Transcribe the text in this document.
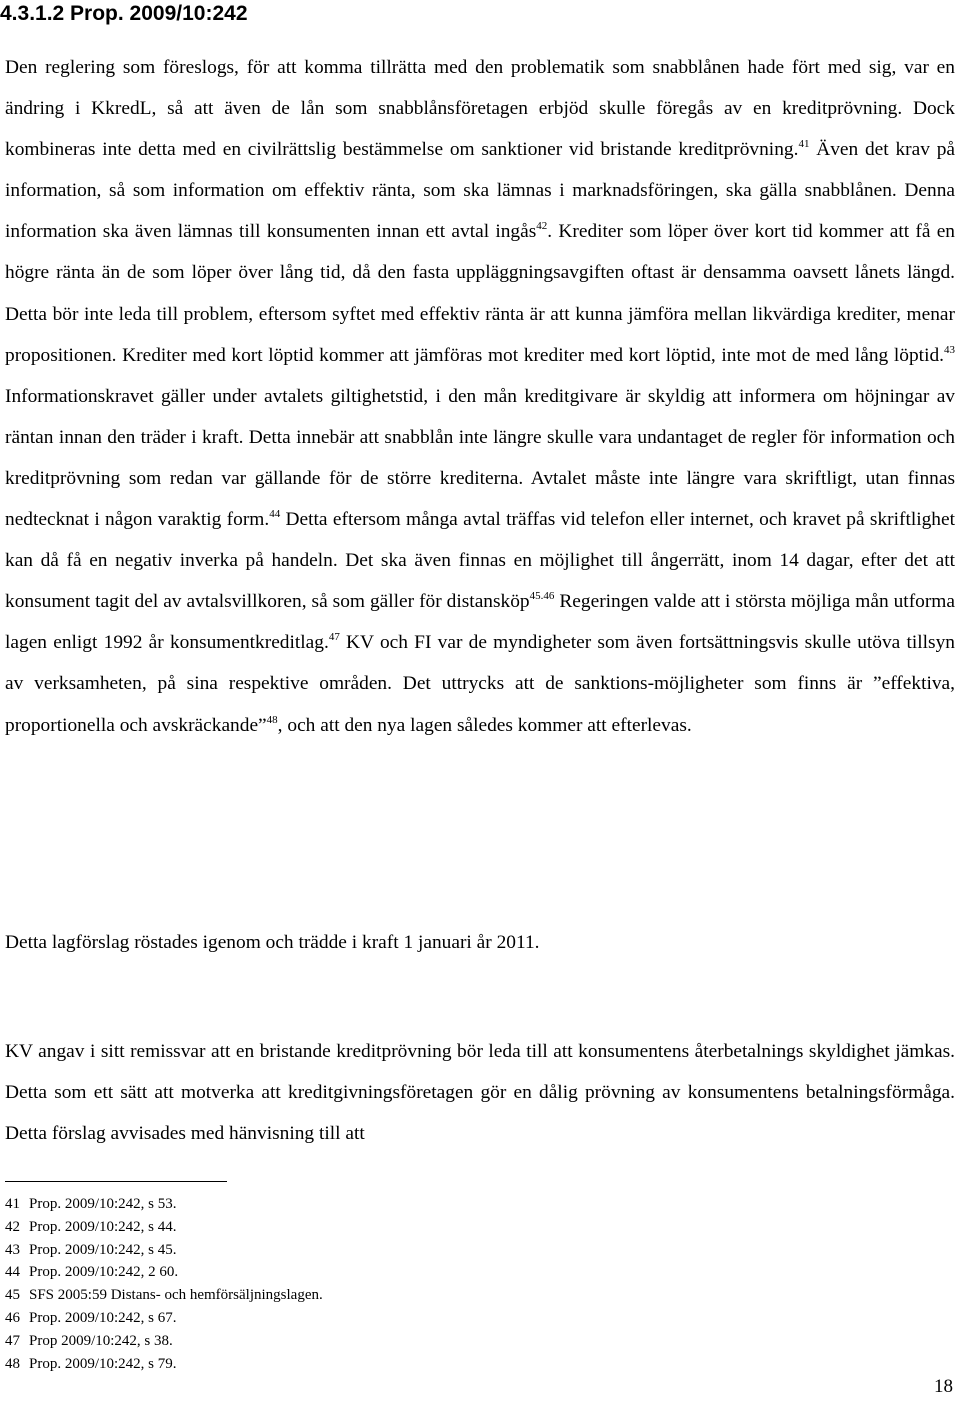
4.3.1.2 Prop. 2009/10:242
Den reglering som föreslogs, för att komma tillrätta med den problematik som snabblånen hade fört med sig, var en ändring i KkredL, så att även de lån som snabblånsföretagen erbjöd skulle föregås av en kreditprövning. Dock kombineras inte detta med en civilrättslig bestämmelse om sanktioner vid bristande kreditprövning.$^{41}$ Även det krav på information, så som information om effektiv ränta, som ska lämnas i marknadsföringen, ska gälla snabblånen. Denna information ska även lämnas till konsumenten innan ett avtal ingås$^{42}$. Krediter som löper över kort tid kommer att få en högre ränta än de som löper över lång tid, då den fasta uppläggningsavgiften oftast är densamma oavsett lånets längd. Detta bör inte leda till problem, eftersom syftet med effektiv ränta är att kunna jämföra mellan likvärdiga krediter, menar propositionen. Krediter med kort löptid kommer att jämföras mot krediter med kort löptid, inte mot de med lång löptid.$^{43}$ Informationskravet gäller under avtalets giltighetstid, i den mån kreditgivare är skyldig att informera om höjningar av räntan innan den träder i kraft. Detta innebär att snabblån inte längre skulle vara undantaget de regler för information och kreditprövning som redan var gällande för de större krediterna. Avtalet måste inte längre vara skriftligt, utan finnas nedtecknat i någon varaktig form.$^{44}$ Detta eftersom många avtal träffas vid telefon eller internet, och kravet på skriftlighet kan då få en negativ inverka på handeln. Det ska även finnas en möjlighet till ångerrätt, inom 14 dagar, efter det att konsument tagit del av avtalsvillkoren, så som gäller för distansköp$^{45.46}$ Regeringen valde att i största möjliga mån utforma lagen enligt 1992 år konsumentkreditlag.$^{47}$ KV och FI var de myndigheter som även fortsättningsvis skulle utöva tillsyn av verksamheten, på sina respektive områden. Det uttrycks att de sanktions-möjligheter som finns är ”effektiva, proportionella och avskräckande”$^{48}$, och att den nya lagen således kommer att efterlevas.
Detta lagförslag röstades igenom och trädde i kraft 1 januari år 2011.
KV angav i sitt remissvar att en bristande kreditprövning bör leda till att konsumentens återbetalnings skyldighet jämkas. Detta som ett sätt att motverka att kreditgivningsföretagen gör en dålig prövning av konsumentens betalningsförmåga. Detta förslag avvisades med hänvisning till att
41 Prop. 2009/10:242, s 53.
42 Prop. 2009/10:242, s 44.
43 Prop. 2009/10:242, s 45.
44 Prop. 2009/10:242, 2 60.
45 SFS 2005:59 Distans- och hemförsäljningslagen.
46 Prop. 2009/10:242, s 67.
47 Prop 2009/10:242, s 38.
48 Prop. 2009/10:242, s 79.
18
